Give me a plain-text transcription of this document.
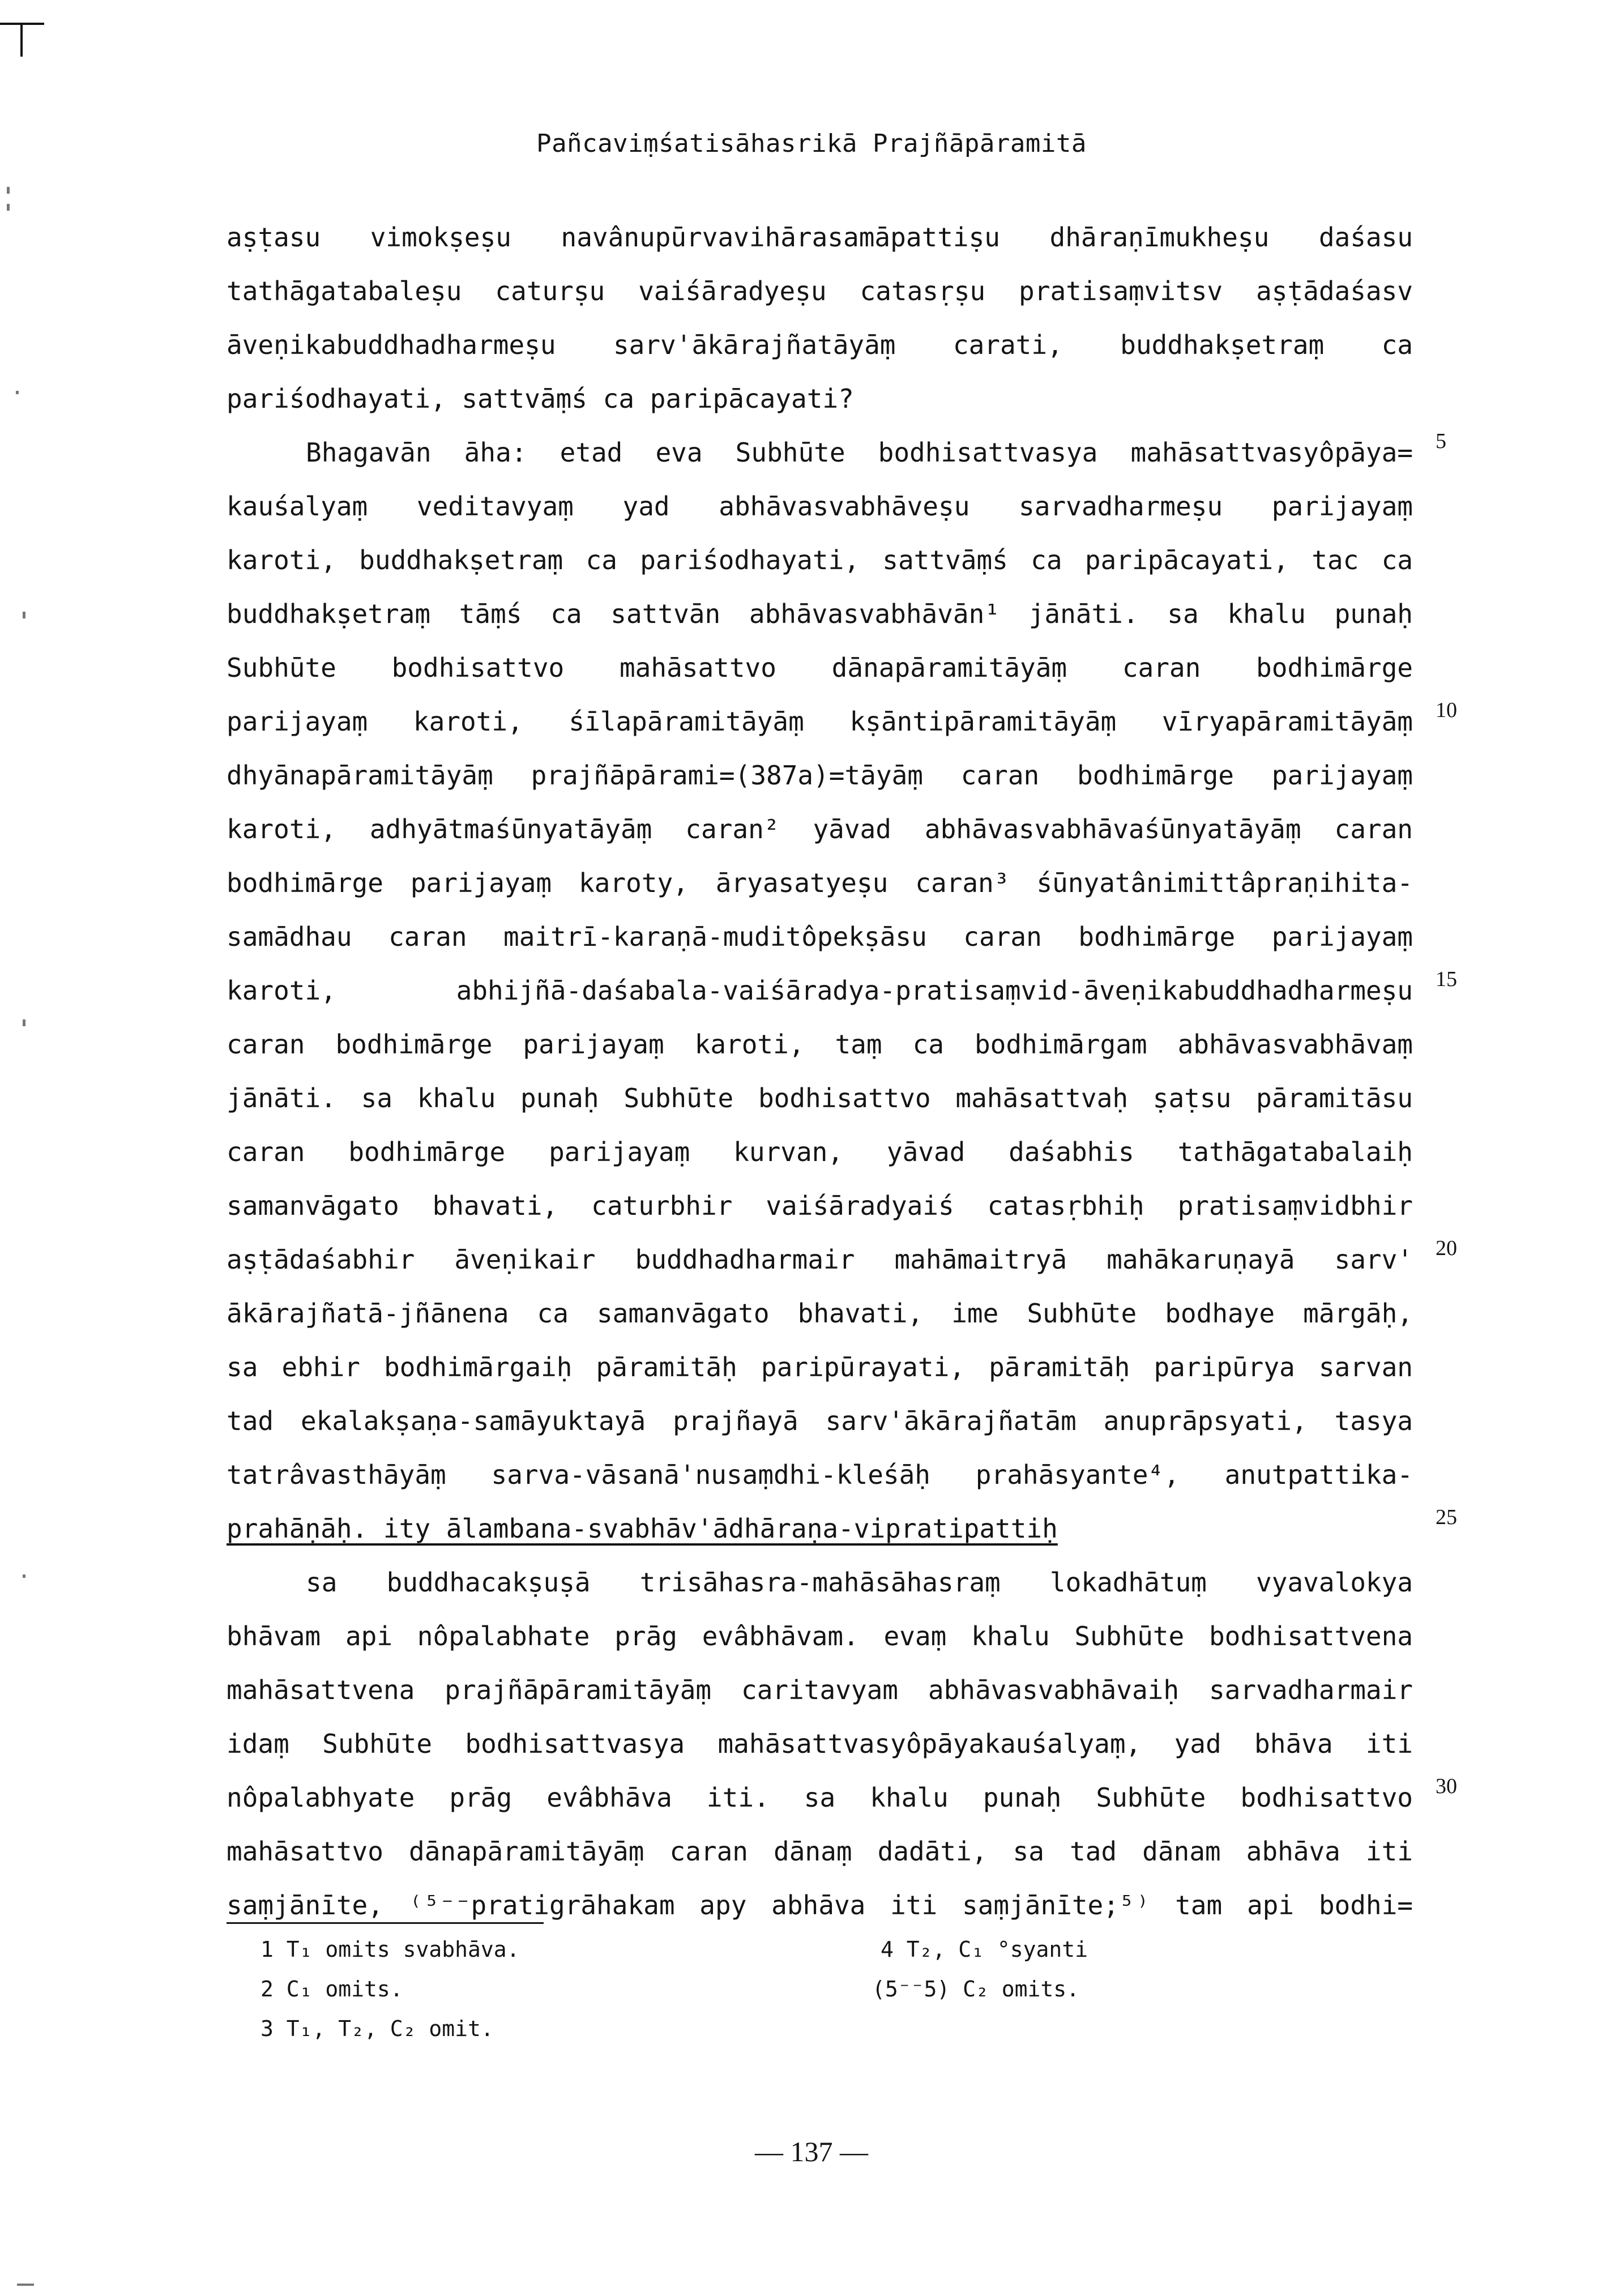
Pañcaviṃśatisāhasrikā Prajñāpāramitā
aṣṭasu vimokṣeṣu navânupūrvavihārasamāpattiṣu dhāraṇīmukheṣu daśasu
tathāgatabaleṣu caturṣu vaiśāradyeṣu catasṛṣu pratisaṃvitsv aṣṭādaśasv
āveṇikabuddhadharmeṣu sarv'ākārajñatāyāṃ carati, buddhakṣetraṃ ca
pariśodhayati, sattvāṃś ca paripācayati?
Bhagavān āha: etad eva Subhūte bodhisattvasya mahāsattvasyôpāya=
kauśalyaṃ veditavyaṃ yad abhāvasvabhāveṣu sarvadharmeṣu parijayaṃ
karoti, buddhakṣetraṃ ca pariśodhayati, sattvāṃś ca paripācayati, tac ca
buddhakṣetraṃ tāṃś ca sattvān abhāvasvabhāvān¹ jānāti. sa khalu punaḥ
Subhūte bodhisattvo mahāsattvo dānapāramitāyāṃ caran bodhimārge
parijayaṃ karoti, śīlapāramitāyāṃ kṣāntipāramitāyāṃ vīryapāramitāyāṃ
dhyānapāramitāyāṃ prajñāpārami=(387a)=tāyāṃ caran bodhimārge parijayaṃ
karoti, adhyātmaśūnyatāyāṃ caran² yāvad abhāvasvabhāvaśūnyatāyāṃ caran
bodhimārge parijayaṃ karoty, āryasatyeṣu caran³ śūnyatânimittâpraṇihita-
samādhau caran maitrī-karaṇā-muditôpekṣāsu caran bodhimārge parijayaṃ
karoti, abhijñā-daśabala-vaiśāradya-pratisaṃvid-āveṇikabuddhadharmeṣu
caran bodhimārge parijayaṃ karoti, taṃ ca bodhimārgam abhāvasvabhāvaṃ
jānāti. sa khalu punaḥ Subhūte bodhisattvo mahāsattvaḥ ṣaṭsu pāramitāsu
caran bodhimārge parijayaṃ kurvan, yāvad daśabhis tathāgatabalaiḥ
samanvāgato bhavati, caturbhir vaiśāradyaiś catasṛbhiḥ pratisaṃvidbhir
aṣṭādaśabhir āveṇikair buddhadharmair mahāmaitryā mahākaruṇayā sarv'
ākārajñatā-jñānena ca samanvāgato bhavati, ime Subhūte bodhaye mārgāḥ,
sa ebhir bodhimārgaiḥ pāramitāḥ paripūrayati, pāramitāḥ paripūrya sarvan
tad ekalakṣaṇa-samāyuktayā prajñayā sarv'ākārajñatām anuprāpsyati, tasya
tatrâvasthāyāṃ sarva-vāsanā'nusaṃdhi-kleśāḥ prahāsyante⁴, anutpattika-
prahāṇāḥ. ity ālambana-svabhāv'ādhāraṇa-vipratipattiḥ
sa buddhacakṣuṣā trisāhasra-mahāsāhasraṃ lokadhātuṃ vyavalokya
bhāvam api nôpalabhate prāg evâbhāvam. evaṃ khalu Subhūte bodhisattvena
mahāsattvena prajñāpāramitāyāṃ caritavyam abhāvasvabhāvaiḥ sarvadharmair
idaṃ Subhūte bodhisattvasya mahāsattvasyôpāyakauśalyaṃ, yad bhāva iti
nôpalabhyate prāg evâbhāva iti. sa khalu punaḥ Subhūte bodhisattvo
mahāsattvo dānapāramitāyāṃ caran dānaṃ dadāti, sa tad dānam abhāva iti
saṃjānīte, ⁽⁵⁻⁻pratigrāhakam apy abhāva iti saṃjānīte;⁵⁾ tam api bodhi=
5
10
15
20
25
30
1 T₁ omits svabhāva.
2 C₁ omits.
3 T₁, T₂, C₂ omit.
4 T₂, C₁ °syanti
(5⁻⁻5) C₂ omits.
— 137 —
